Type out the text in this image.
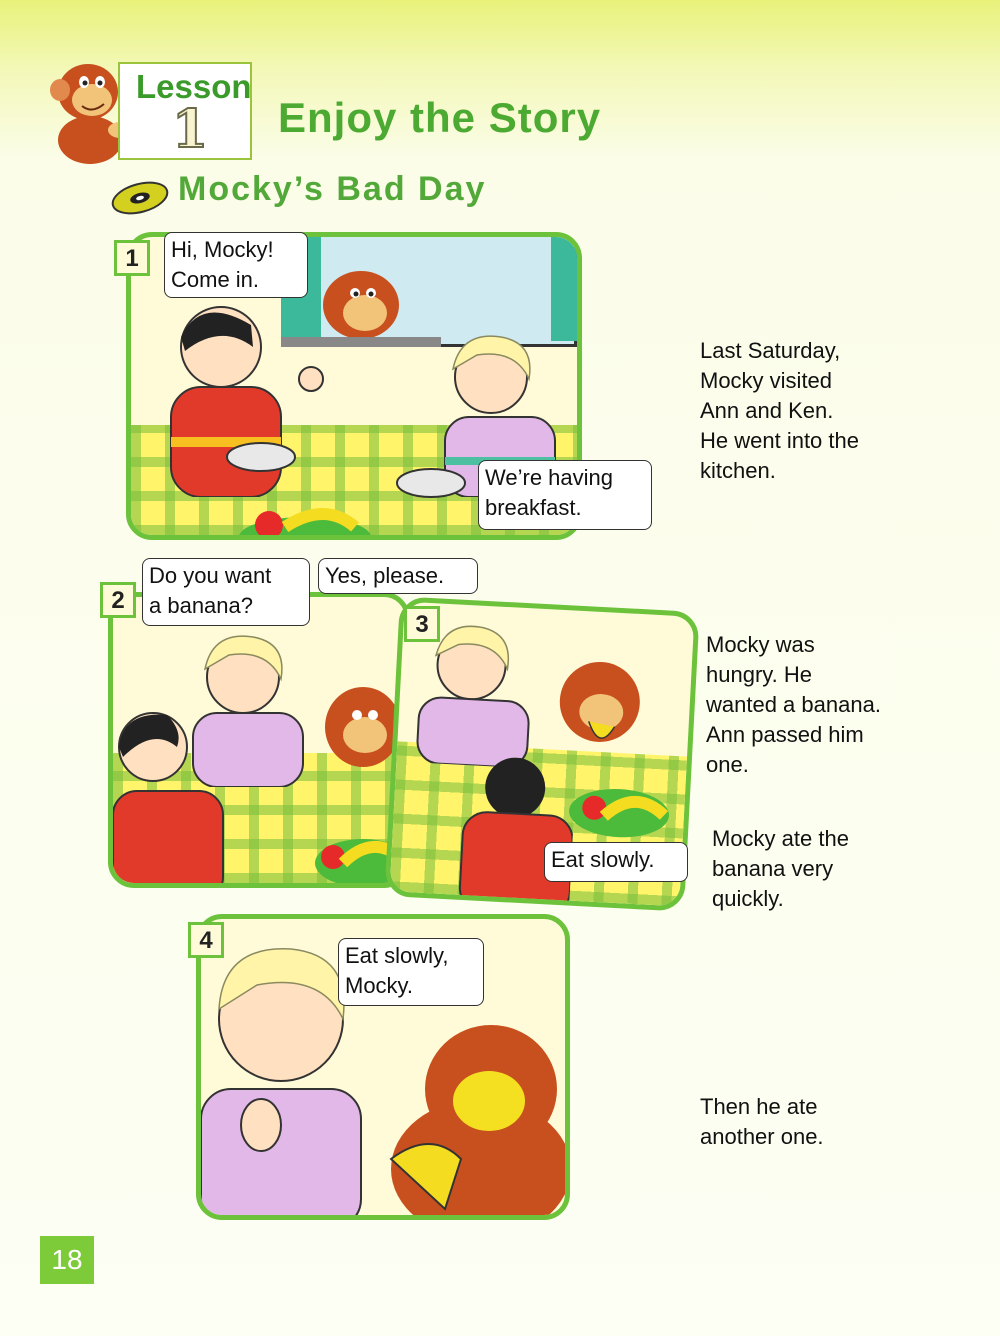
Lesson
1 Enjoy the Story
Mocky’s Bad Day
1	Hi, Mocky!
Come in.
We’re having
breakfast.
Last Saturday,
Mocky visited
Ann and Ken.
He went into the
kitchen.
2
Do you want
a banana?
Yes, please.
3
Eat slowly.
Mocky was
hungry. He
wanted a banana.
Ann passed him
one.
Mocky ate the
banana very
quickly.
4
Eat slowly,
Mocky.
Then he ate
another one.
18
